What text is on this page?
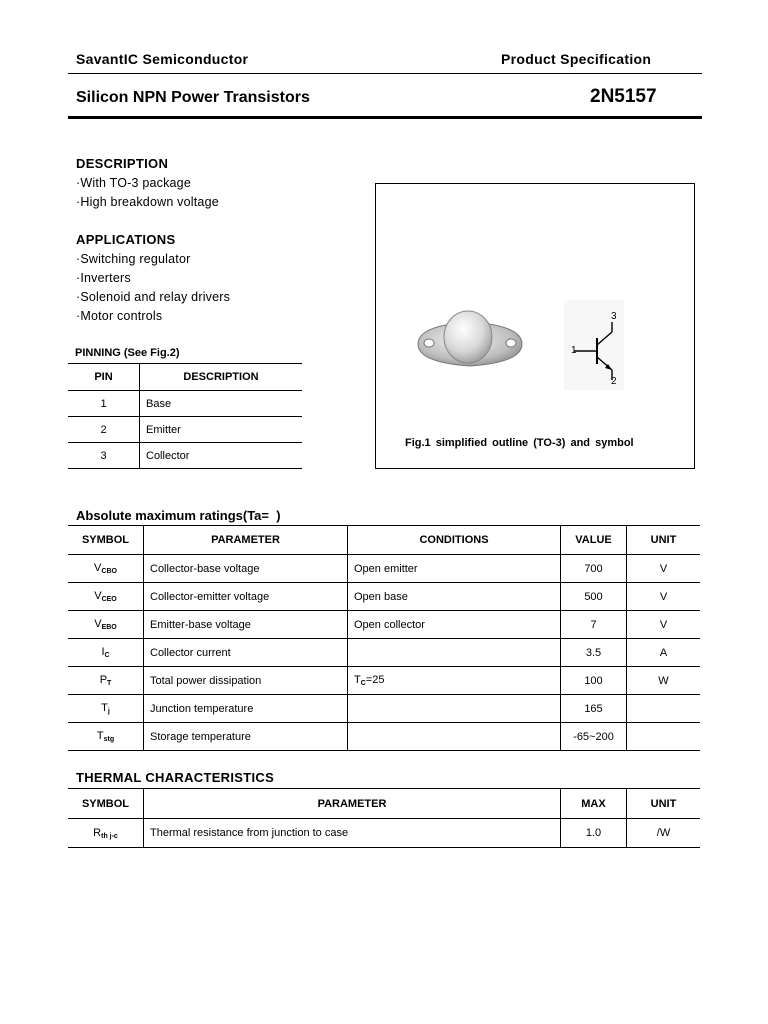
SavantIC Semiconductor	Product Specification
Silicon NPN Power Transistors	2N5157
DESCRIPTION
·With TO-3 package
·High breakdown voltage
APPLICATIONS
·Switching regulator
·Inverters
·Solenoid and relay drivers
·Motor controls
PINNING (See Fig.2)
PIN	DESCRIPTION
1	Base
2	Emitter
3	Collector
1
2
3
Fig.1 simplified outline (TO-3) and symbol
Absolute maximum ratings(Ta=  )
SYMBOL	PARAMETER	CONDITIONS	VALUE	UNIT
$V_{CBO}$	Collector-base voltage	Open emitter	700	V
$V_{CEO}$	Collector-emitter voltage	Open base	500	V
$V_{EBO}$	Emitter-base voltage	Open collector	7	V
$I_C$	Collector current		3.5	A
$P_T$	Total power dissipation	$T_C=25$	100	W
$T_j$	Junction temperature		165	
$T_{stg}$	Storage temperature		-65~200	
THERMAL CHARACTERISTICS
SYMBOL	PARAMETER	MAX	UNIT
$R_{th j-c}$	Thermal resistance from junction to case	1.0	/W
